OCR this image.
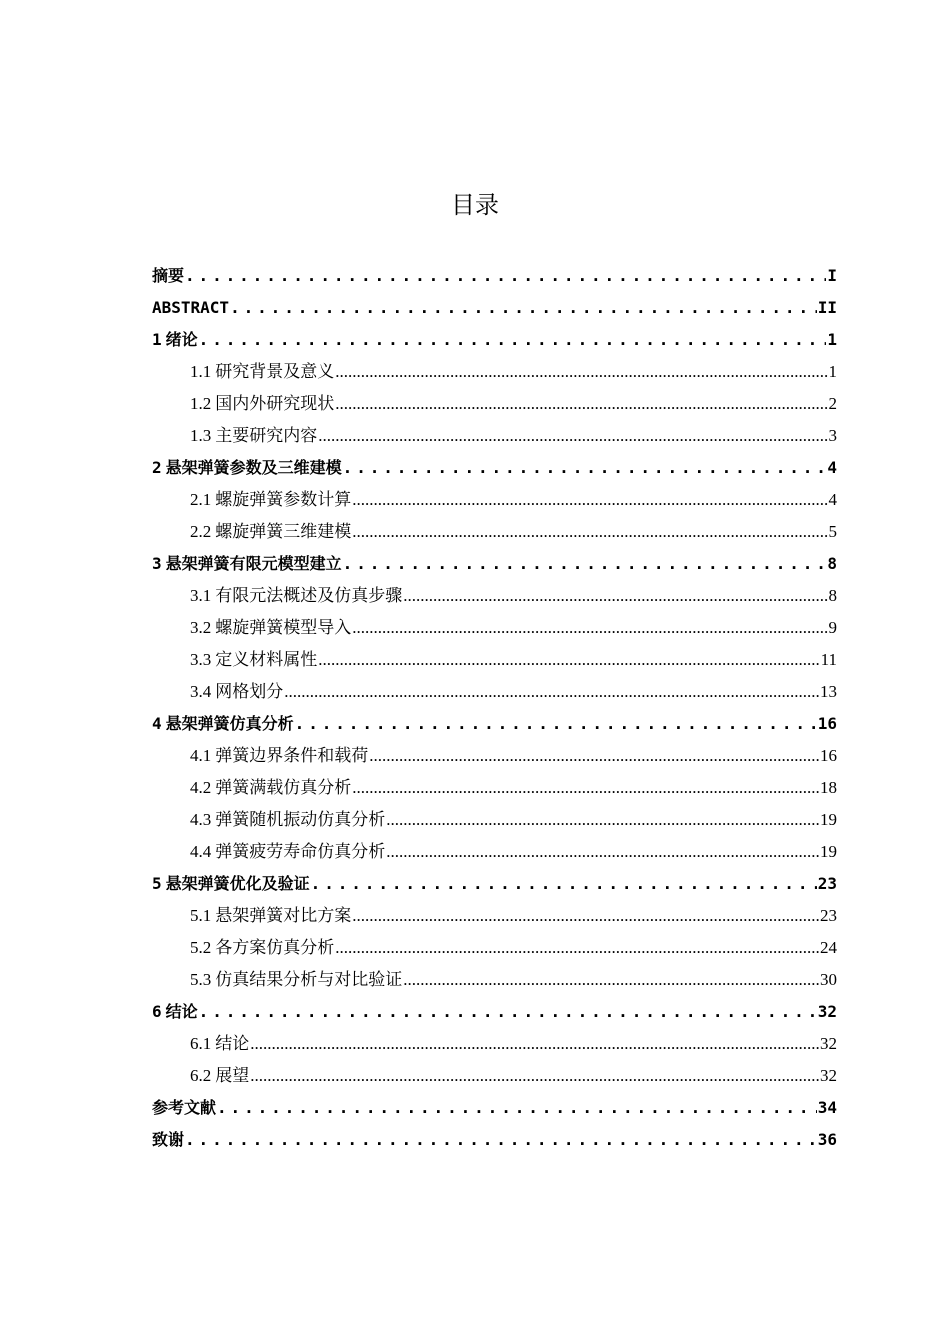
目录
摘要 .....	I
ABSTRACT .....	II
1 绪论 .....	1
1.1 研究背景及意义 .....	1
1.2 国内外研究现状 .....	2
1.3 主要研究内容 .....	3
2 悬架弹簧参数及三维建模 .....	4
2.1 螺旋弹簧参数计算 .....	4
2.2 螺旋弹簧三维建模 .....	5
3 悬架弹簧有限元模型建立 .....	8
3.1 有限元法概述及仿真步骤 .....	8
3.2 螺旋弹簧模型导入 .....	9
3.3 定义材料属性 .....	11
3.4 网格划分 .....	13
4 悬架弹簧仿真分析 .....	16
4.1 弹簧边界条件和载荷 .....	16
4.2 弹簧满载仿真分析 .....	18
4.3 弹簧随机振动仿真分析 .....	19
4.4 弹簧疲劳寿命仿真分析 .....	19
5 悬架弹簧优化及验证 .....	23
5.1 悬架弹簧对比方案 .....	23
5.2 各方案仿真分析 .....	24
5.3 仿真结果分析与对比验证 .....	30
6 结论 .....	32
6.1 结论 .....	32
6.2 展望 .....	32
参考文献 .....	34
致谢 .....	36
